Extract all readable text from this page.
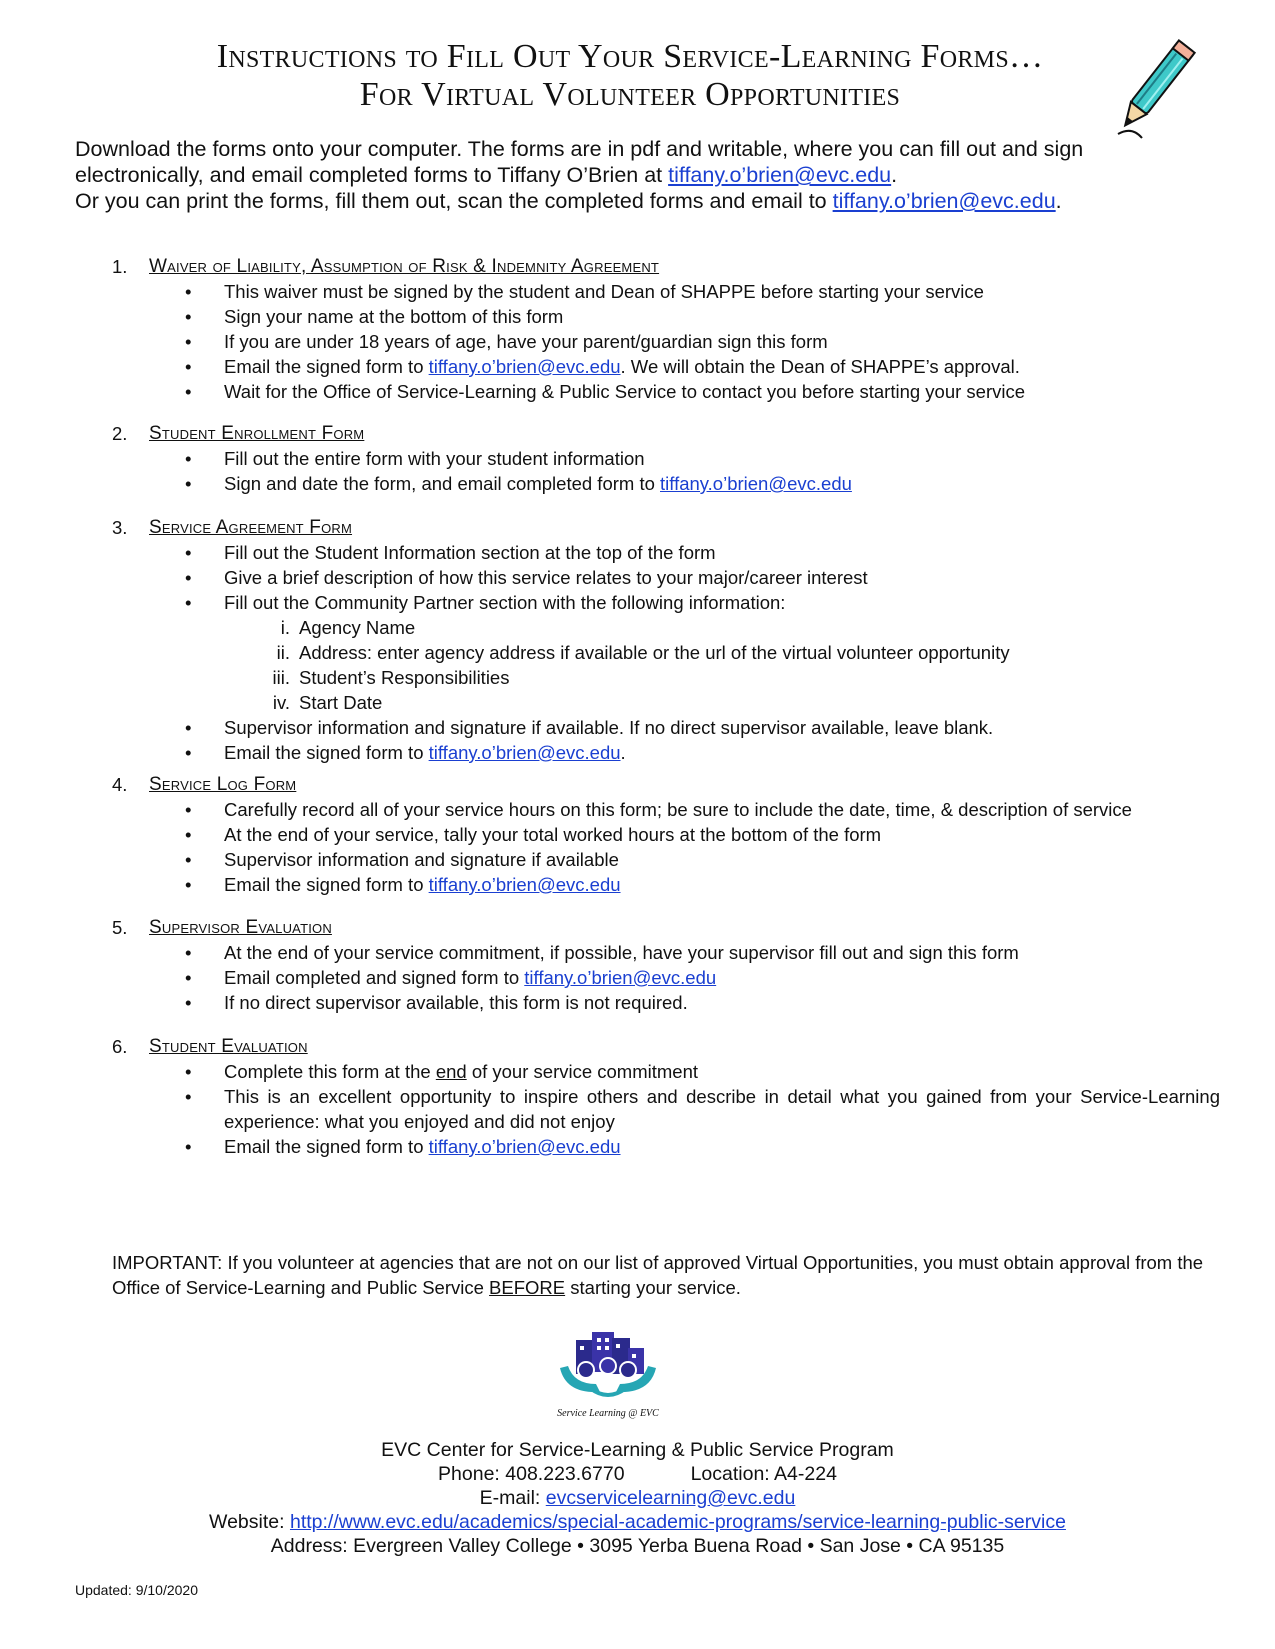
Instructions to Fill Out Your Service-Learning Forms…
For Virtual Volunteer Opportunities

Download the forms onto your computer. The forms are in pdf and writable, where you can fill out and sign electronically, and email completed forms to Tiffany O’Brien at tiffany.o’brien@evc.edu.

Or you can print the forms, fill them out, scan the completed forms and email to tiffany.o’brien@evc.edu.

1. Waiver of Liability, Assumption of Risk & Indemnity Agreement
• This waiver must be signed by the student and Dean of SHAPPE before starting your service
• Sign your name at the bottom of this form
• If you are under 18 years of age, have your parent/guardian sign this form
• Email the signed form to tiffany.o’brien@evc.edu. We will obtain the Dean of SHAPPE’s approval.
• Wait for the Office of Service-Learning & Public Service to contact you before starting your service
2. Student Enrollment Form
• Fill out the entire form with your student information
• Sign and date the form, and email completed form to tiffany.o’brien@evc.edu
3. Service Agreement Form
• Fill out the Student Information section at the top of the form
• Give a brief description of how this service relates to your major/career interest
• Fill out the Community Partner section with the following information:
i. Agency Name
ii. Address: enter agency address if available or the url of the virtual volunteer opportunity
iii. Student’s Responsibilities
iv. Start Date
• Supervisor information and signature if available. If no direct supervisor available, leave blank.
• Email the signed form to tiffany.o’brien@evc.edu.
4. Service Log Form
• Carefully record all of your service hours on this form; be sure to include the date, time, & description of service
• At the end of your service, tally your total worked hours at the bottom of the form
• Supervisor information and signature if available
• Email the signed form to tiffany.o’brien@evc.edu
5. Supervisor Evaluation
• At the end of your service commitment, if possible, have your supervisor fill out and sign this form
• Email completed and signed form to tiffany.o’brien@evc.edu
• If no direct supervisor available, this form is not required.
6. Student Evaluation
• Complete this form at the end of your service commitment
• This is an excellent opportunity to inspire others and describe in detail what you gained from your Service-Learning experience: what you enjoyed and did not enjoy
• Email the signed form to tiffany.o’brien@evc.edu
IMPORTANT: If you volunteer at agencies that are not on our list of approved Virtual Opportunities, you must obtain approval from the Office of Service-Learning and Public Service BEFORE starting your service.
Service Learning @ EVC
EVC Center for Service-Learning & Public Service Program
Phone: 408.223.6770	Location: A4-224
E-mail: evcservicelearning@evc.edu
Website: http://www.evc.edu/academics/special-academic-programs/service-learning-public-service
Address: Evergreen Valley College • 3095 Yerba Buena Road • San Jose • CA 95135
Updated: 9/10/2020
